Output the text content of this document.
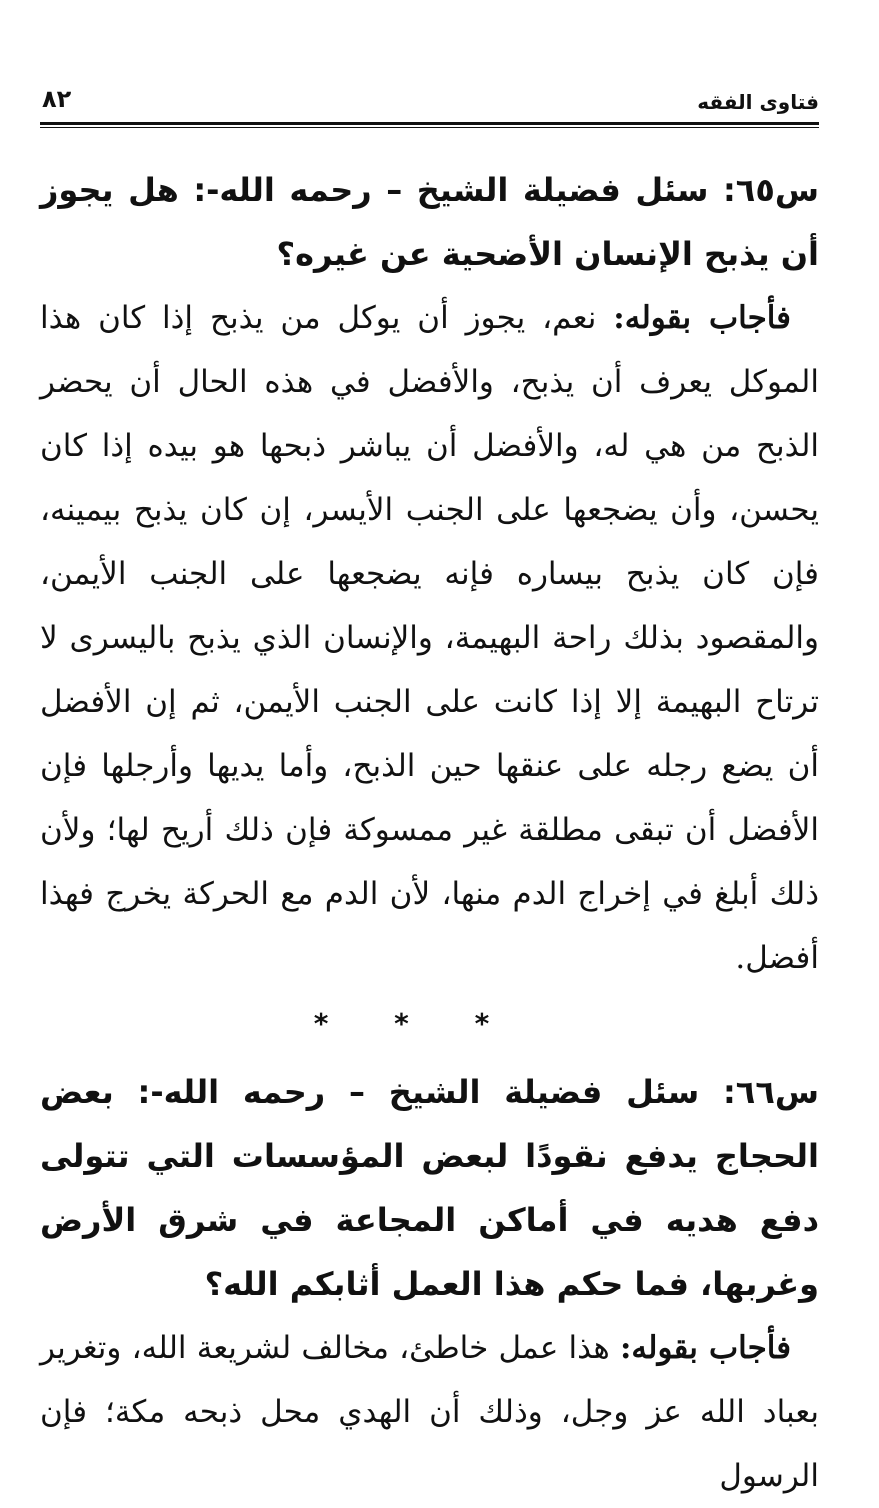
فتاوى الفقه
٨٢

س٦٥: سئل فضيلة الشيخ – رحمه الله-: هل يجوز أن يذبح الإنسان الأضحية عن غيره؟

فأجاب بقوله: نعم، يجوز أن يوكل من يذبح إذا كان هذا الموكل يعرف أن يذبح، والأفضل في هذه الحال أن يحضر الذبح من هي له، والأفضل أن يباشر ذبحها هو بيده إذا كان يحسن، وأن يضجعها على الجنب الأيسر، إن كان يذبح بيمينه، فإن كان يذبح بيساره فإنه يضجعها على الجنب الأيمن، والمقصود بذلك راحة البهيمة، والإنسان الذي يذبح باليسرى لا ترتاح البهيمة إلا إذا كانت على الجنب الأيمن، ثم إن الأفضل أن يضع رجله على عنقها حين الذبح، وأما يديها وأرجلها فإن الأفضل أن تبقى مطلقة غير ممسوكة فإن ذلك أريح لها؛ ولأن ذلك أبلغ في إخراج الدم منها، لأن الدم مع الحركة يخرج فهذا أفضل.

* * *

س٦٦: سئل فضيلة الشيخ – رحمه الله-: بعض الحجاج يدفع نقودًا لبعض المؤسسات التي تتولى دفع هديه في أماكن المجاعة في شرق الأرض وغربها، فما حكم هذا العمل أثابكم الله؟

فأجاب بقوله: هذا عمل خاطئ، مخالف لشريعة الله، وتغرير بعباد الله عز وجل، وذلك أن الهدي محل ذبحه مكة؛ فإن الرسول
